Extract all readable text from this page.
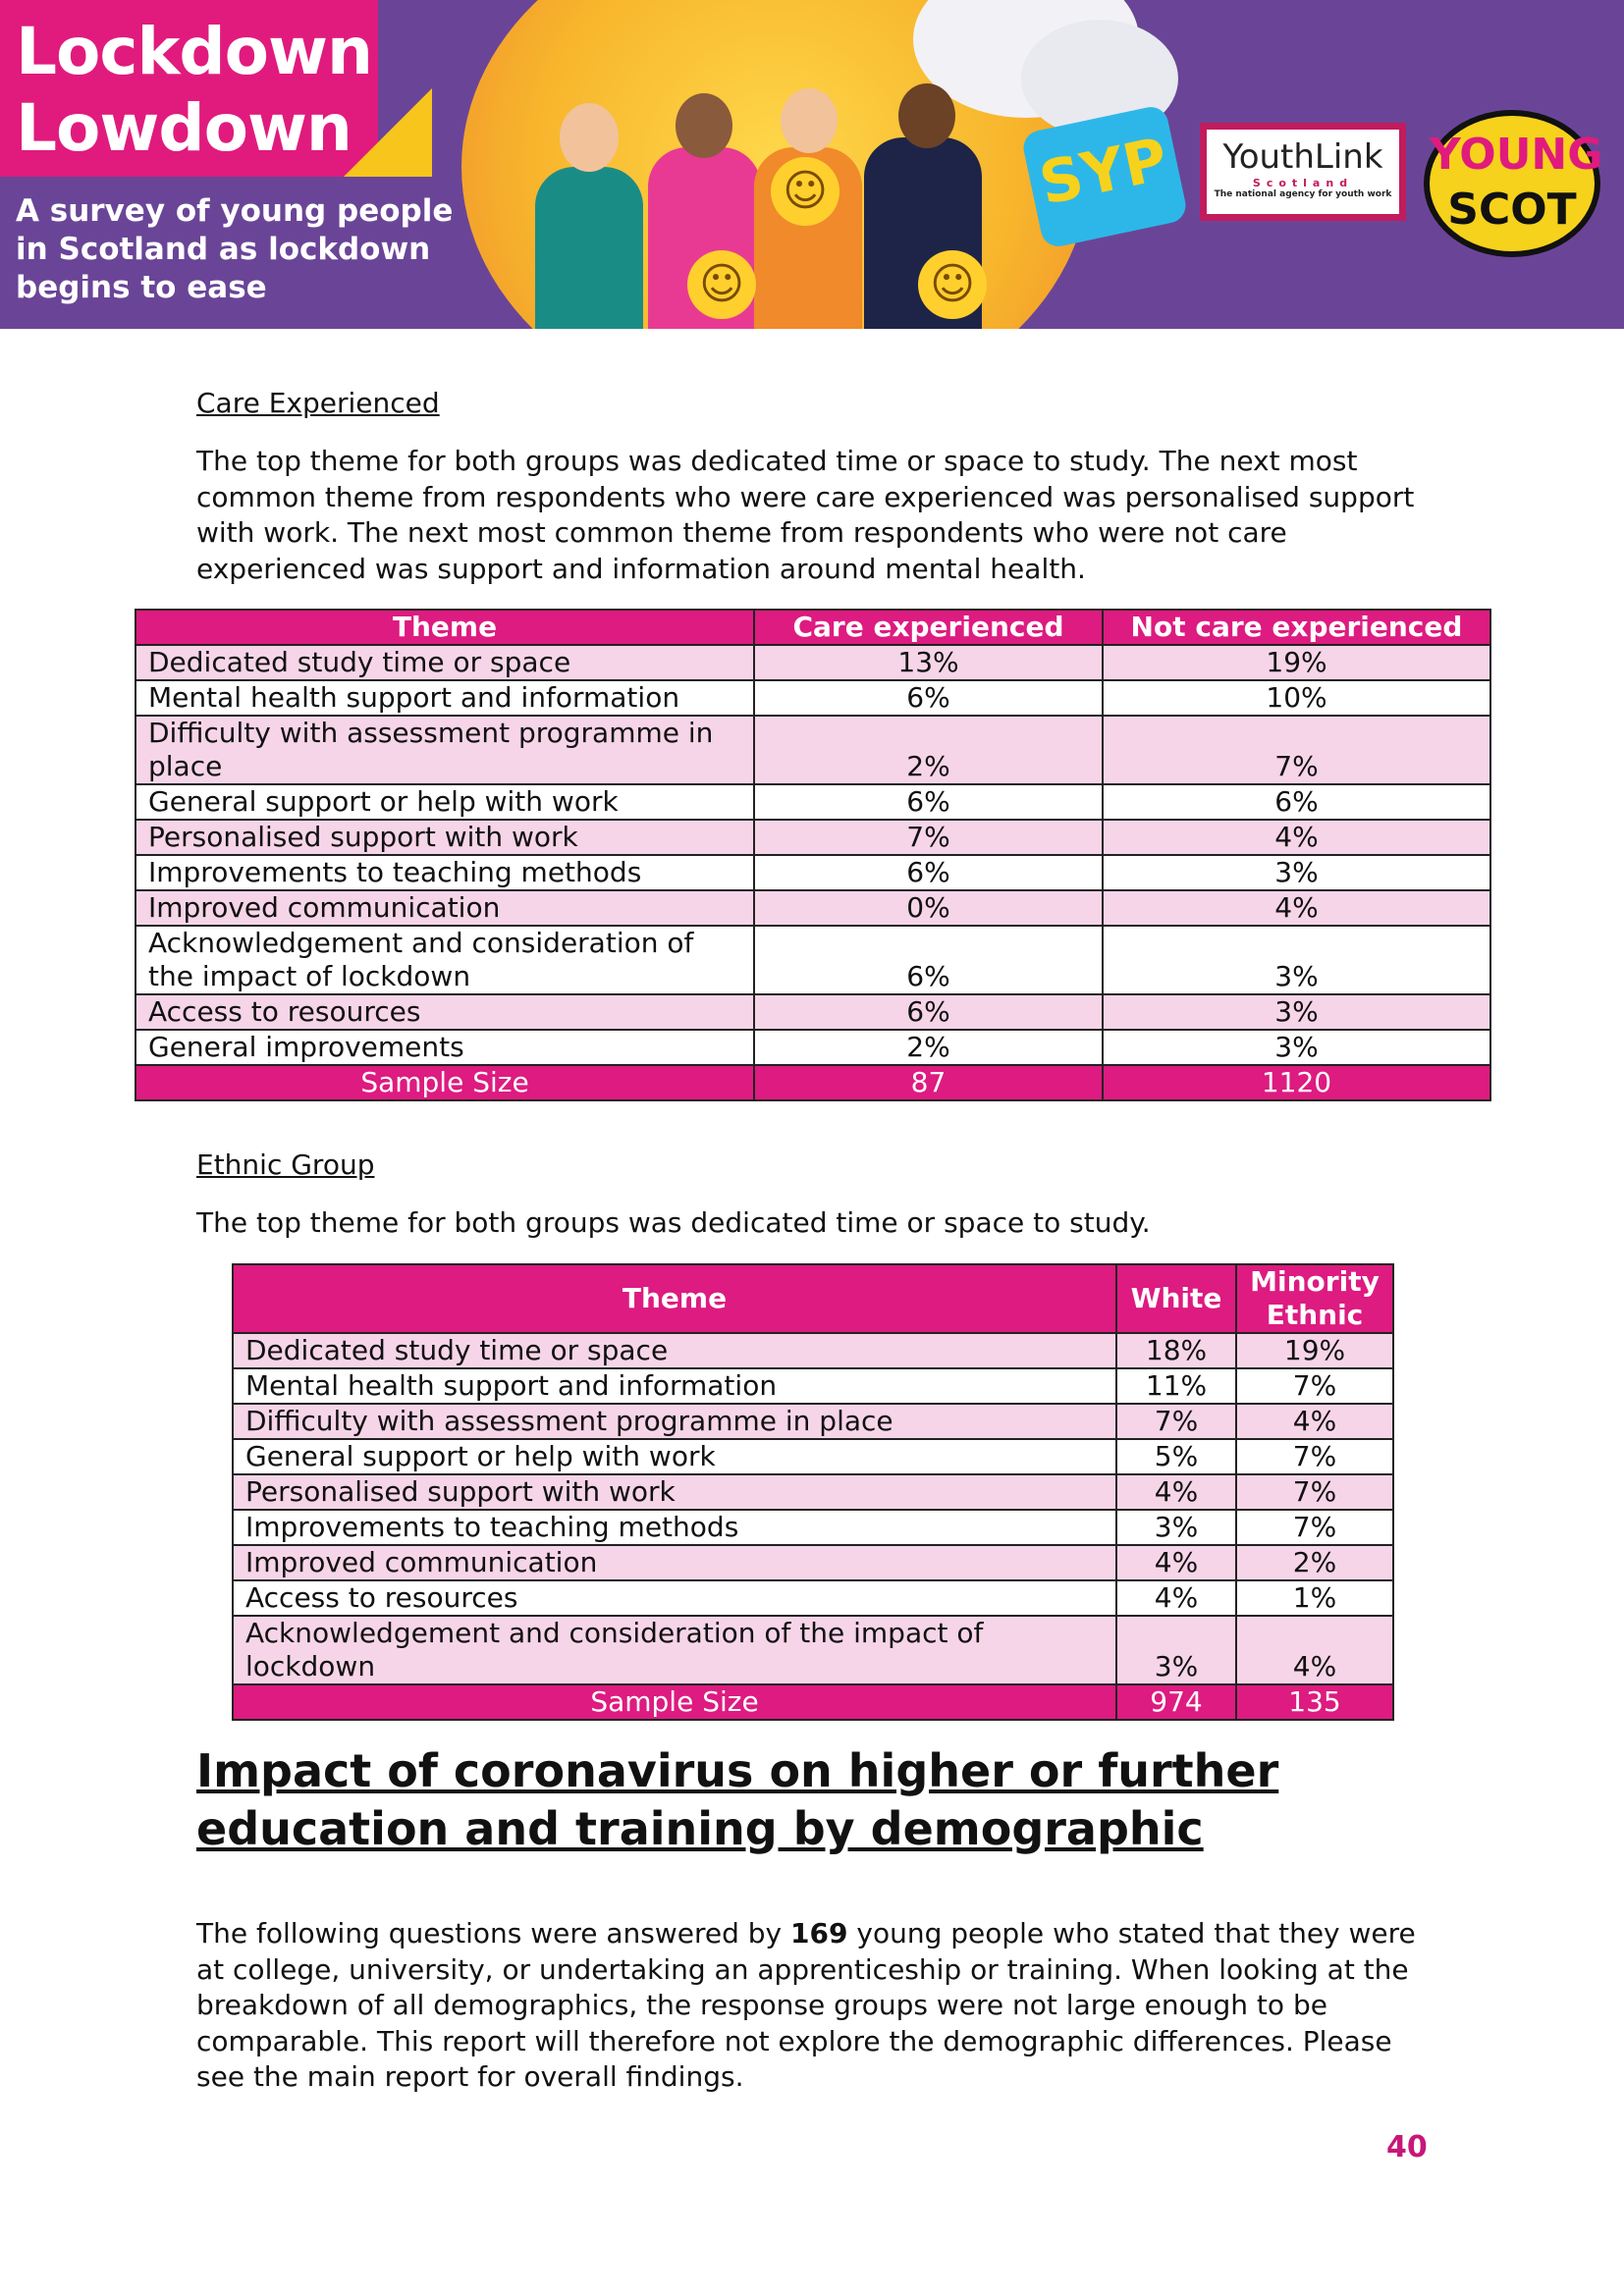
☺
☺
☺
Lockdown
Lowdown
A survey of young people
in Scotland as lockdown
begins to ease
SYP	YouthLink
Scotland
The national agency for youth work
YOUNG
SCOT
Care Experienced
The top theme for both groups was dedicated time or space to study. The next most common theme from respondents who were care experienced was personalised support with work. The next most common theme from respondents who were not care experienced was support and information around mental health.
Theme	Care experienced	Not care experienced
Dedicated study time or space	13%	19%
Mental health support and information	6%	10%
Difficulty with assessment programme in place	2%	7%
General support or help with work	6%	6%
Personalised support with work	7%	4%
Improvements to teaching methods	6%	3%
Improved communication	0%	4%
Acknowledgement and consideration of the impact of lockdown	6%	3%
Access to resources	6%	3%
General improvements	2%	3%
Sample Size	87	1120
Ethnic Group
The top theme for both groups was dedicated time or space to study.
Theme	White	Minority Ethnic
Dedicated study time or space	18%	19%
Mental health support and information	11%	7%
Difficulty with assessment programme in place	7%	4%
General support or help with work	5%	7%
Personalised support with work	4%	7%
Improvements to teaching methods	3%	7%
Improved communication	4%	2%
Access to resources	4%	1%
Acknowledgement and consideration of the impact of lockdown	3%	4%
Sample Size	974	135
Impact of coronavirus on higher or further education and training by demographic
The following questions were answered by 169 young people who stated that they were at college, university, or undertaking an apprenticeship or training. When looking at the breakdown of all demographics, the response groups were not large enough to be comparable. This report will therefore not explore the demographic differences. Please see the main report for overall findings.
40
